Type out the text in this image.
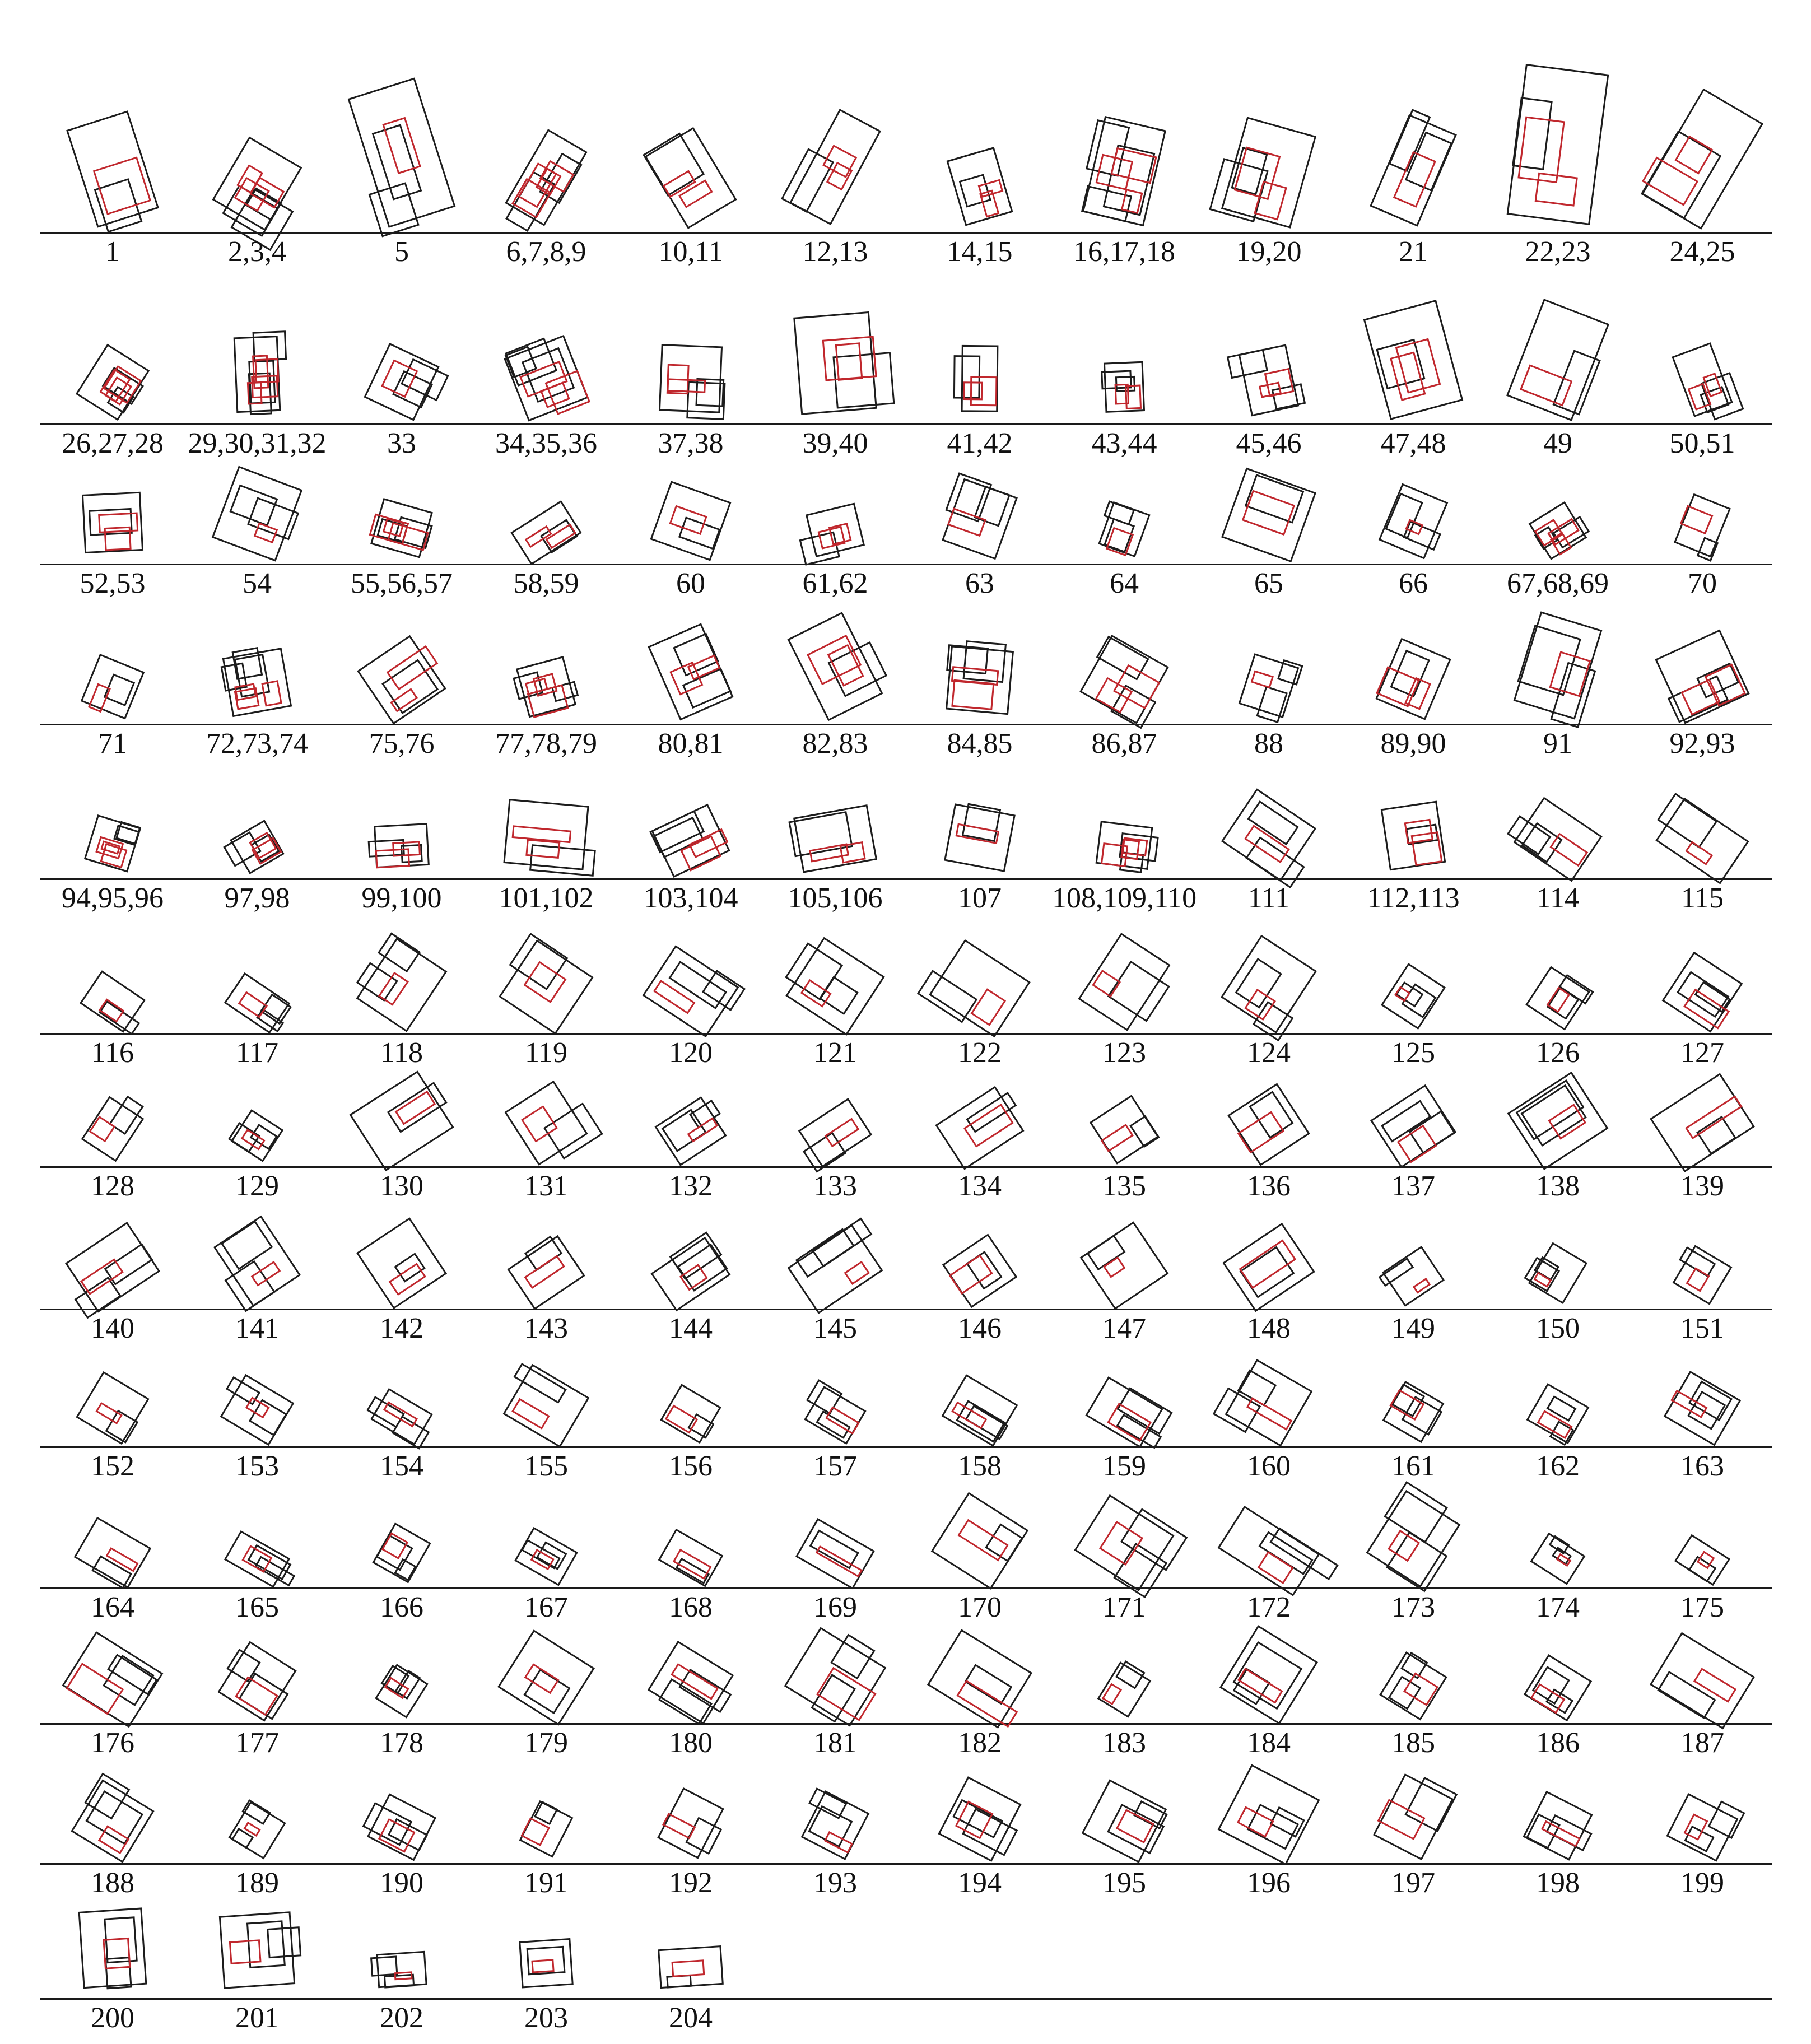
1	2,3,4	5	6,7,8,9	10,11	12,13	14,15	16,17,18	19,20	21	22,23	24,25
26,27,28 29,30,31,32	33	34,35,36	37,38	39,40	41,42	43,44	45,46	47,48	49	50,51
52,53	54	55,56,57	58,59	60	61,62	63	64	65	66	67,68,69	70
71	72,73,74	75,76	77,78,79	80,81	82,83	84,85	86,87	88	89,90	91	92,93
94,95,96	97,98	99,100	101,102	103,104	105,106	107	108,109,110	111	112,113	114	115
116	117	118	119	120	121	122	123	124	125	126	127
128	129	130	131	132	133	134	135	136	137	138	139
140	141	142	143	144	145	146	147	148	149	150	151
152	153	154	155	156	157	158	159	160	161	162	163
164	165	166	167	168	169	170	171	172	173	174	175
176	177	178	179	180	181	182	183	184	185	186	187
188	189	190	191	192	193	194	195	196	197	198	199
200	201	202	203	204
